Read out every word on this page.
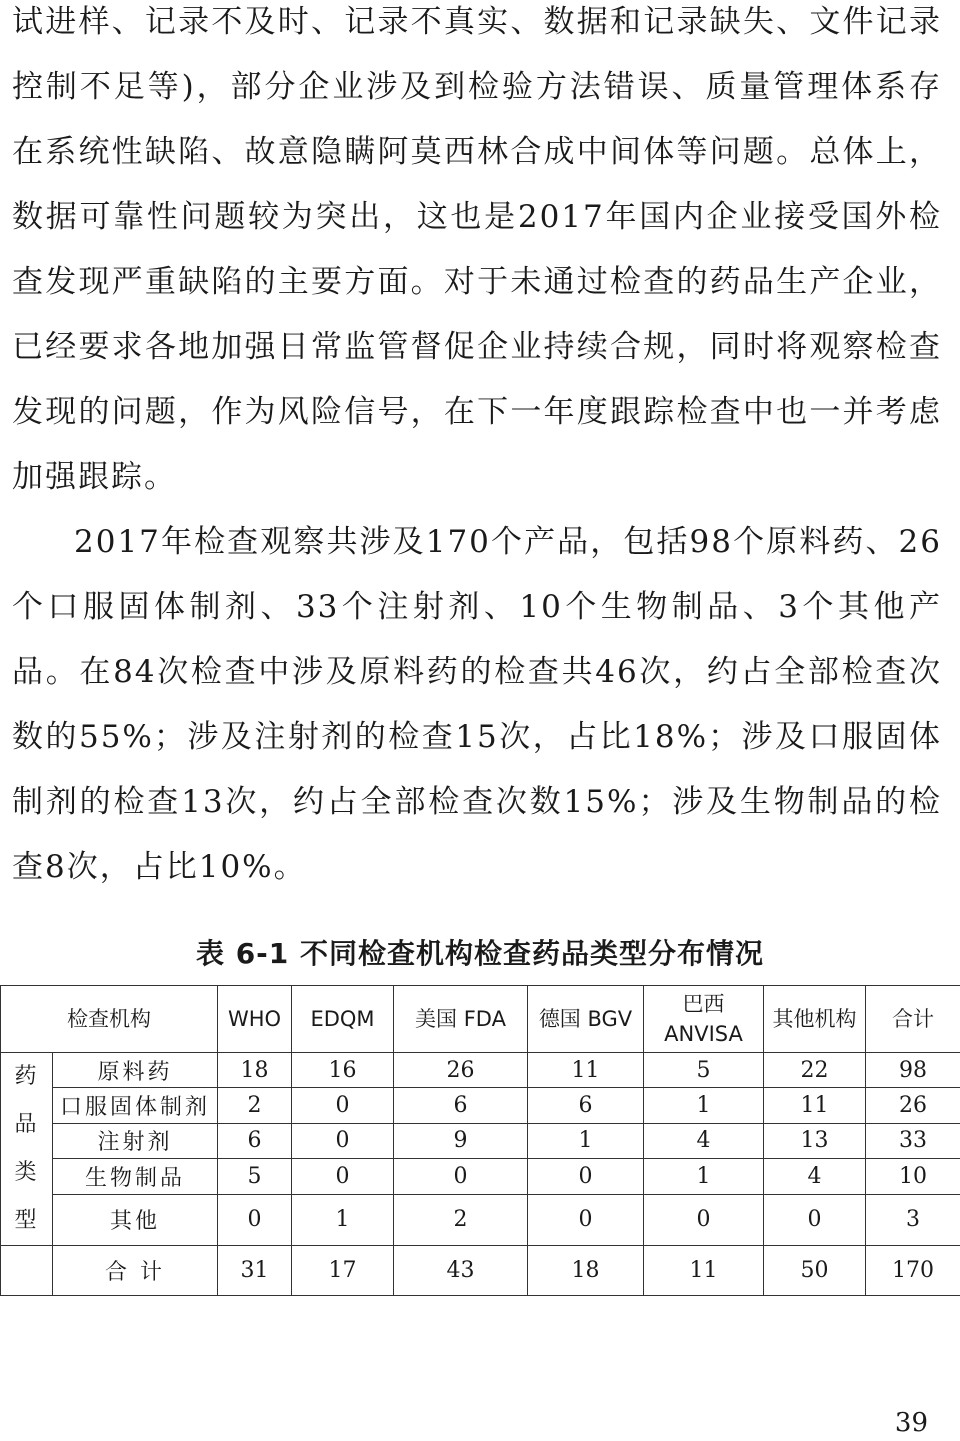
试进样、记录不及时、记录不真实、数据和记录缺失、文件记录控制不足等)，部分企业涉及到检验方法错误、质量管理体系存在系统性缺陷、故意隐瞒阿莫西林合成中间体等问题。总体上，数据可靠性问题较为突出，这也是2017年国内企业接受国外检查发现严重缺陷的主要方面。对于未通过检查的药品生产企业，已经要求各地加强日常监管督促企业持续合规，同时将观察检查发现的问题，作为风险信号，在下一年度跟踪检查中也一并考虑加强跟踪。

2017年检查观察共涉及170个产品，包括98个原料药、26个口服固体制剂、33个注射剂、10个生物制品、3个其他产品。在84次检查中涉及原料药的检查共46次，约占全部检查次数的55%；涉及注射剂的检查15次，占比18%；涉及口服固体制剂的检查13次，约占全部检查次数15%；涉及生物制品的检查8次，占比10%。

表 6-1 不同检查机构检查药品类型分布情况
检查机构		WHO	EDQM	美国 FDA	德国 BGV	巴西 ANVISA	其他机构	合计
药品类型	原料药	18	16	26	11	5	22	98
	口服固体制剂	2	0	6	6	1	11	26
	注射剂	6	0	9	1	4	13	33
	生物制品	5	0	0	0	1	4	10
	其他	0	1	2	0	0	0	3
	合 计	31	17	43	18	11	50	170
39
